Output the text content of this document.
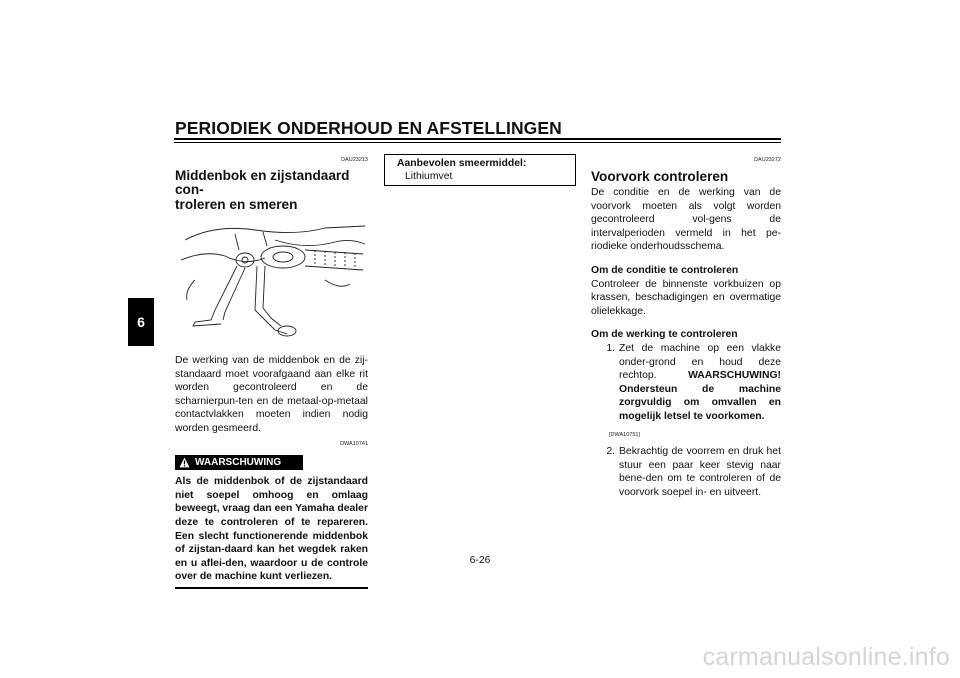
PERIODIEK ONDERHOUD EN AFSTELLINGEN
6
DAU23213
Middenbok en zijstandaard con-
troleren en smeren

De werking van de middenbok en de zij-standaard moet voorafgaand aan elke rit worden gecontroleerd en de scharnierpun-ten en de metaal-op-metaal contactvlakken moeten indien nodig worden gesmeerd.

DWA10741
WAARSCHUWING
Als de middenbok of de zijstandaard niet soepel omhoog en omlaag beweegt, vraag dan een Yamaha dealer deze te controleren of te repareren. Een slecht functionerende middenbok of zijstan-daard kan het wegdek raken en u aflei-den, waardoor u de controle over de machine kunt verliezen.
Aanbevolen smeermiddel:
Lithiumvet
DAU23272
Voorvork controleren

De conditie en de werking van de voorvork moeten als volgt worden gecontroleerd vol-gens de intervalperioden vermeld in het pe-riodieke onderhoudsschema.

Om de conditie te controleren

Controleer de binnenste vorkbuizen op krassen, beschadigingen en overmatige olielekkage.

Om de werking te controleren
1. Zet de machine op een vlakke onder-grond en houd deze rechtop.	WAARSCHUWING! Ondersteun de machine zorgvuldig om omvallen en mogelijk letsel te voorkomen.
[DWA10751]
2. Bekrachtig de voorrem en druk het stuur een paar keer stevig naar bene-den om te controleren of de voorvork soepel in- en uitveert.
6-26
carmanualsonline.info
